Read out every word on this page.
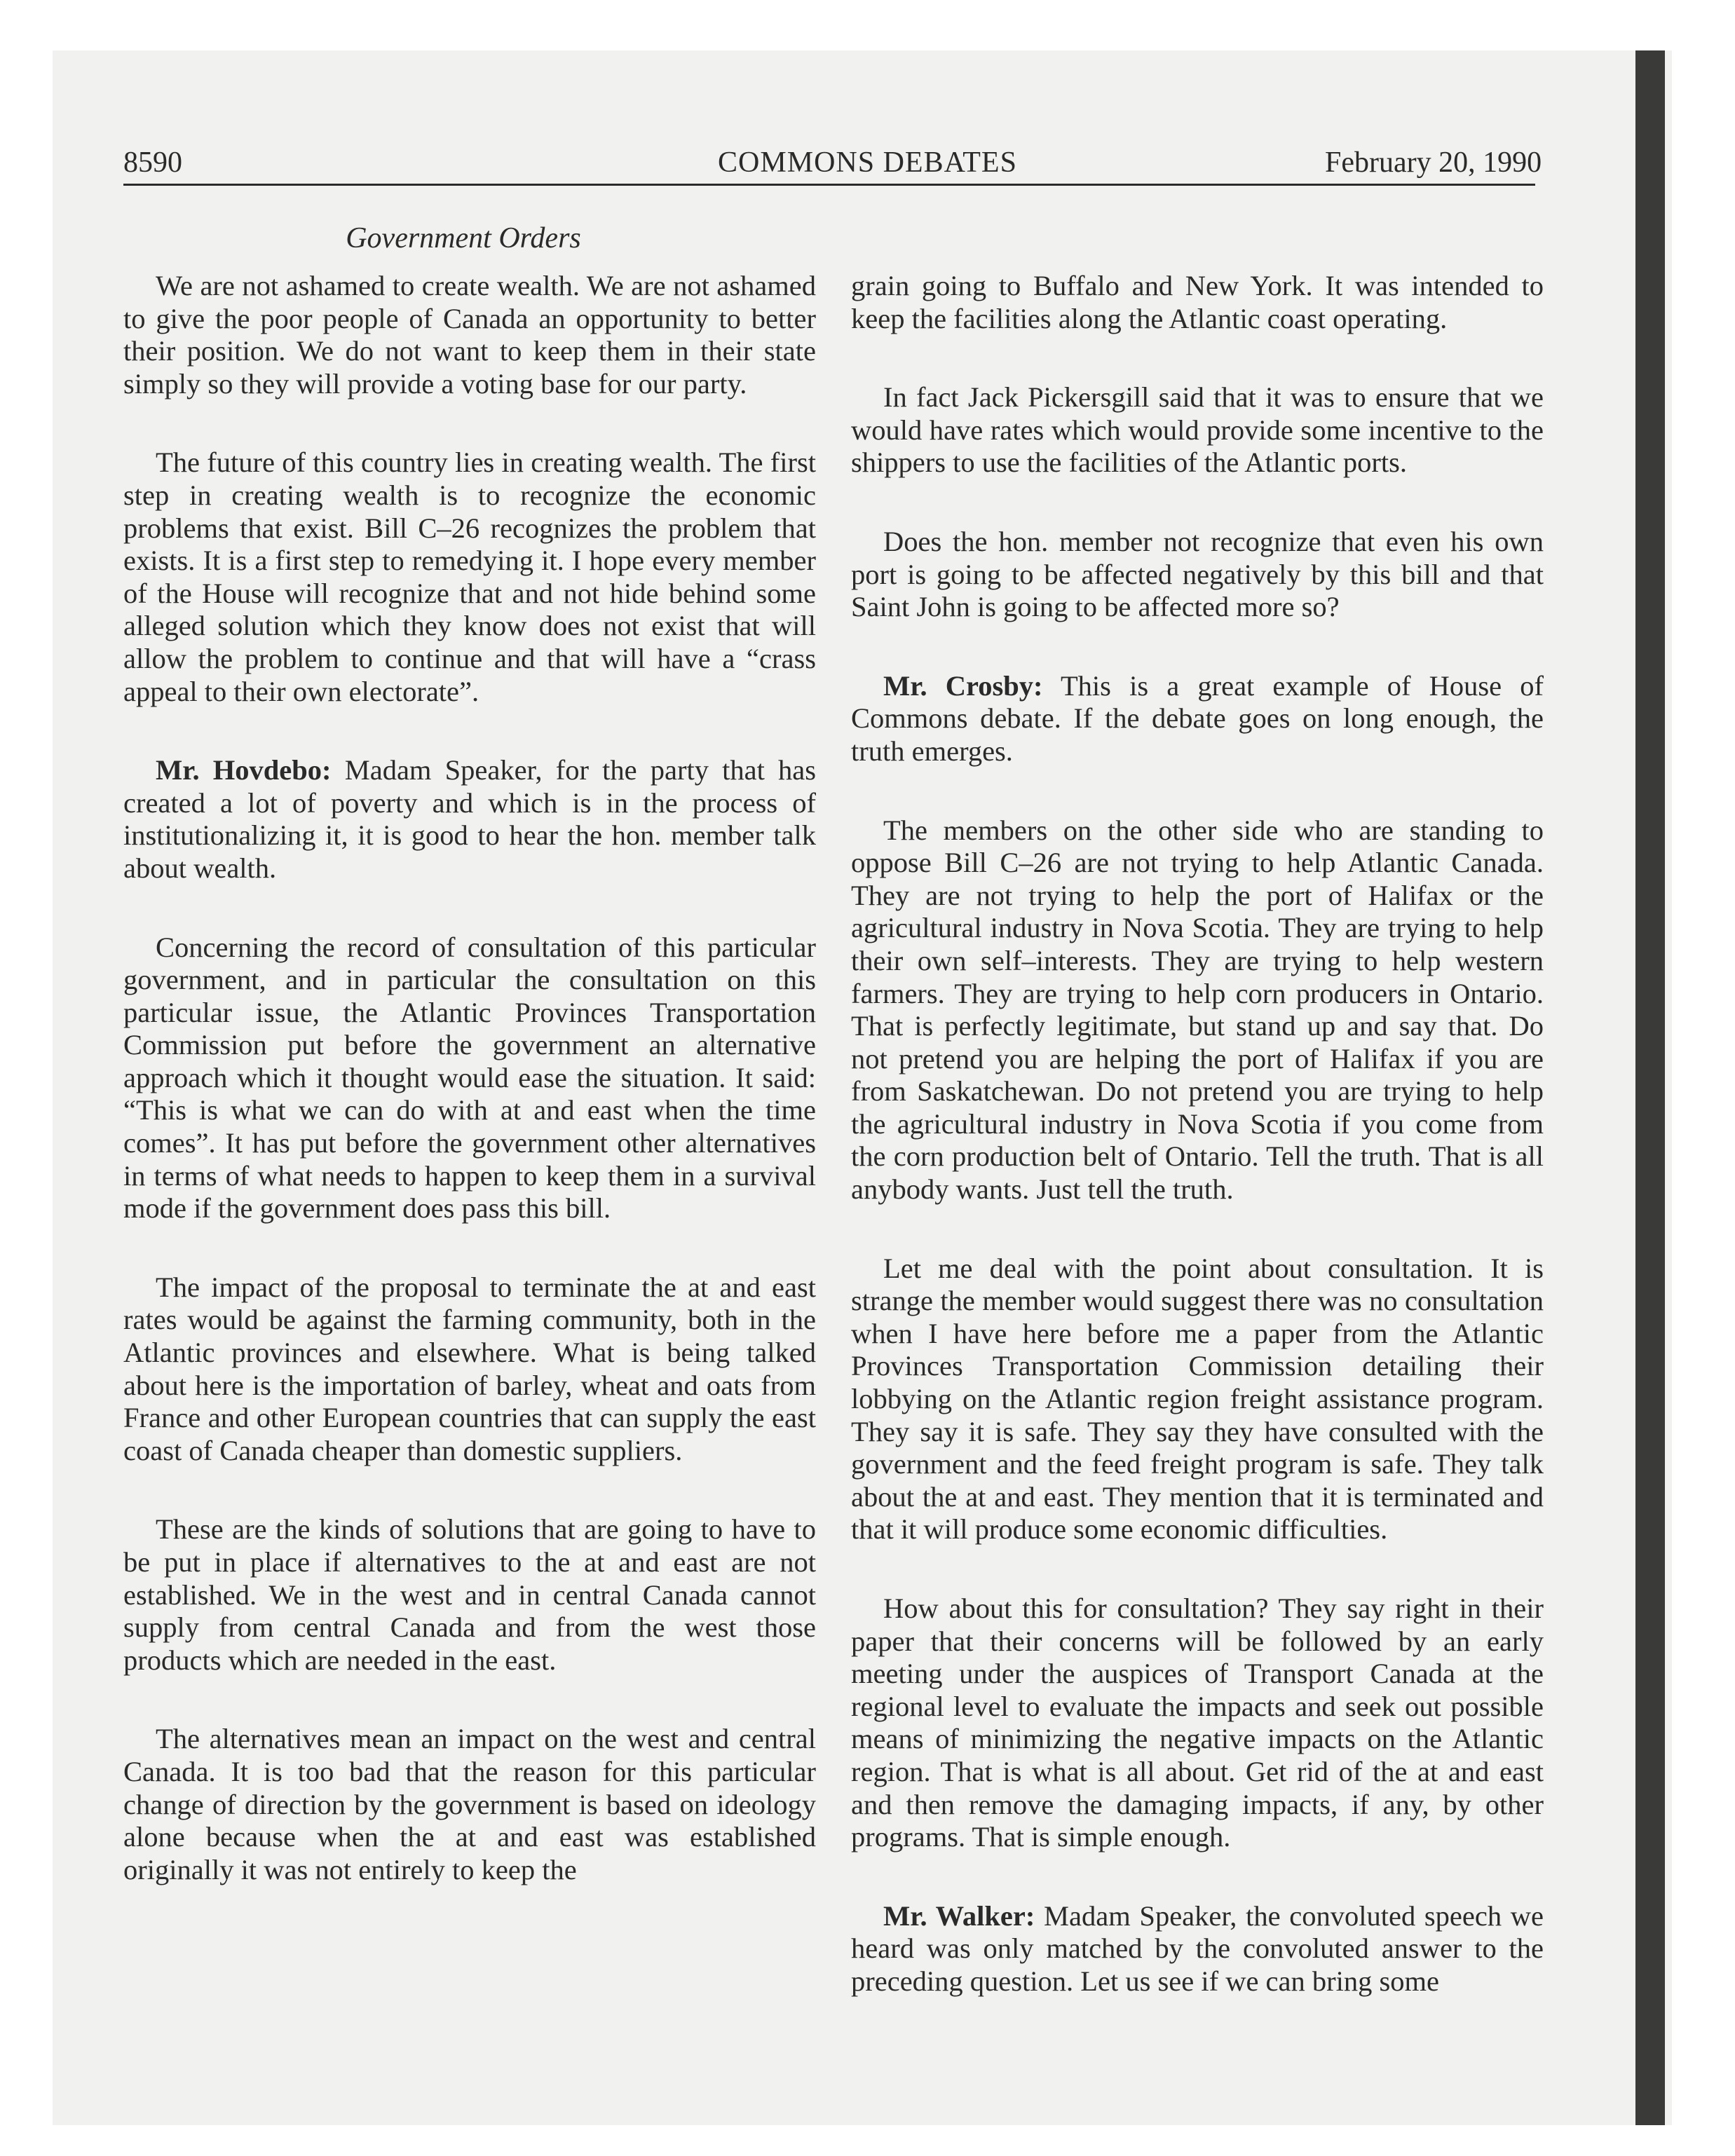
8590	COMMONS DEBATES	February 20, 1990
Government Orders

We are not ashamed to create wealth. We are not ashamed to give the poor people of Canada an opportunity to better their position. We do not want to keep them in their state simply so they will provide a voting base for our party.

The future of this country lies in creating wealth. The first step in creating wealth is to recognize the economic problems that exist. Bill C–26 recognizes the problem that exists. It is a first step to remedying it. I hope every member of the House will recognize that and not hide behind some alleged solution which they know does not exist that will allow the problem to continue and that will have a “crass appeal to their own electorate”.

Mr. Hovdebo: Madam Speaker, for the party that has created a lot of poverty and which is in the process of institutionalizing it, it is good to hear the hon. member talk about wealth.

Concerning the record of consultation of this particular government, and in particular the consultation on this particular issue, the Atlantic Provinces Transportation Commission put before the government an alternative approach which it thought would ease the situation. It said: “This is what we can do with at and east when the time comes”. It has put before the government other alternatives in terms of what needs to happen to keep them in a survival mode if the government does pass this bill.

The impact of the proposal to terminate the at and east rates would be against the farming community, both in the Atlantic provinces and elsewhere. What is being talked about here is the importation of barley, wheat and oats from France and other European countries that can supply the east coast of Canada cheaper than domestic suppliers.

These are the kinds of solutions that are going to have to be put in place if alternatives to the at and east are not established. We in the west and in central Canada cannot supply from central Canada and from the west those products which are needed in the east.

The alternatives mean an impact on the west and central Canada. It is too bad that the reason for this particular change of direction by the government is based on ideology alone because when the at and east was established originally it was not entirely to keep the

grain going to Buffalo and New York. It was intended to keep the facilities along the Atlantic coast operating.

In fact Jack Pickersgill said that it was to ensure that we would have rates which would provide some incentive to the shippers to use the facilities of the Atlantic ports.

Does the hon. member not recognize that even his own port is going to be affected negatively by this bill and that Saint John is going to be affected more so?

Mr. Crosby: This is a great example of House of Commons debate. If the debate goes on long enough, the truth emerges.

The members on the other side who are standing to oppose Bill C–26 are not trying to help Atlantic Canada. They are not trying to help the port of Halifax or the agricultural industry in Nova Scotia. They are trying to help their own self–interests. They are trying to help western farmers. They are trying to help corn producers in Ontario. That is perfectly legitimate, but stand up and say that. Do not pretend you are helping the port of Halifax if you are from Saskatchewan. Do not pretend you are trying to help the agricultural industry in Nova Scotia if you come from the corn production belt of Ontario. Tell the truth. That is all anybody wants. Just tell the truth.

Let me deal with the point about consultation. It is strange the member would suggest there was no consultation when I have here before me a paper from the Atlantic Provinces Transportation Commission detailing their lobbying on the Atlantic region freight assistance program. They say it is safe. They say they have consulted with the government and the feed freight program is safe. They talk about the at and east. They mention that it is terminated and that it will produce some economic difficulties.

How about this for consultation? They say right in their paper that their concerns will be followed by an early meeting under the auspices of Transport Canada at the regional level to evaluate the impacts and seek out possible means of minimizing the negative impacts on the Atlantic region. That is what is all about. Get rid of the at and east and then remove the damaging impacts, if any, by other programs. That is simple enough.

Mr. Walker: Madam Speaker, the convoluted speech we heard was only matched by the convoluted answer to the preceding question. Let us see if we can bring some
